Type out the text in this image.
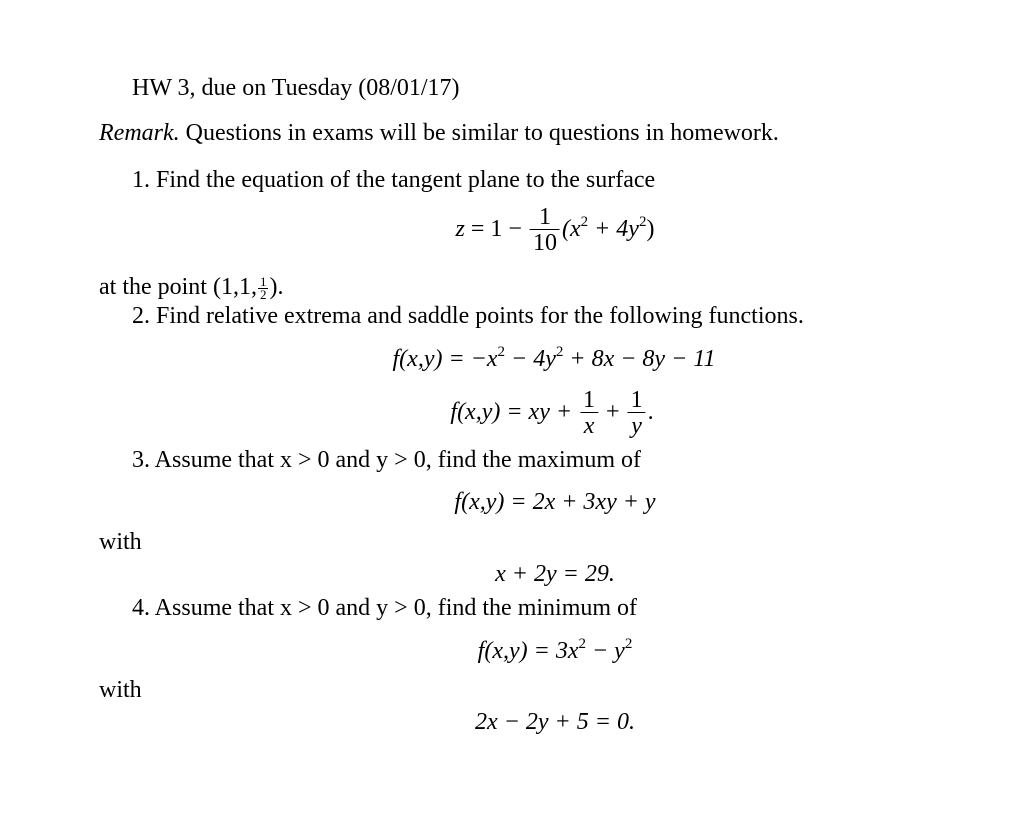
HW 3, due on Tuesday (08/01/17)
Remark. Questions in exams will be similar to questions in homework.
1. Find the equation of the tangent plane to the surface
$z = 1 - \frac{1}{10} (x^2 + 4y^2)$
at the point (1,1, $\frac{1}{2}$ ).
2. Find relative extrema and saddle points for the following functions.
$f(x,y) = -x^2 - 4y^2 + 8x - 8y - 11$
f(x,y) = xy + $\frac{1}{x} + \frac{1}{y}$ .
3. Assume that x > 0 and y > 0, find the maximum of
f(x,y) = 2x + 3xy + y
with
x + 2y = 29.
4. Assume that x > 0 and y > 0, find the minimum of
$f(x,y) = 3x^2 - y^2$
with
2x − 2y + 5 = 0.
